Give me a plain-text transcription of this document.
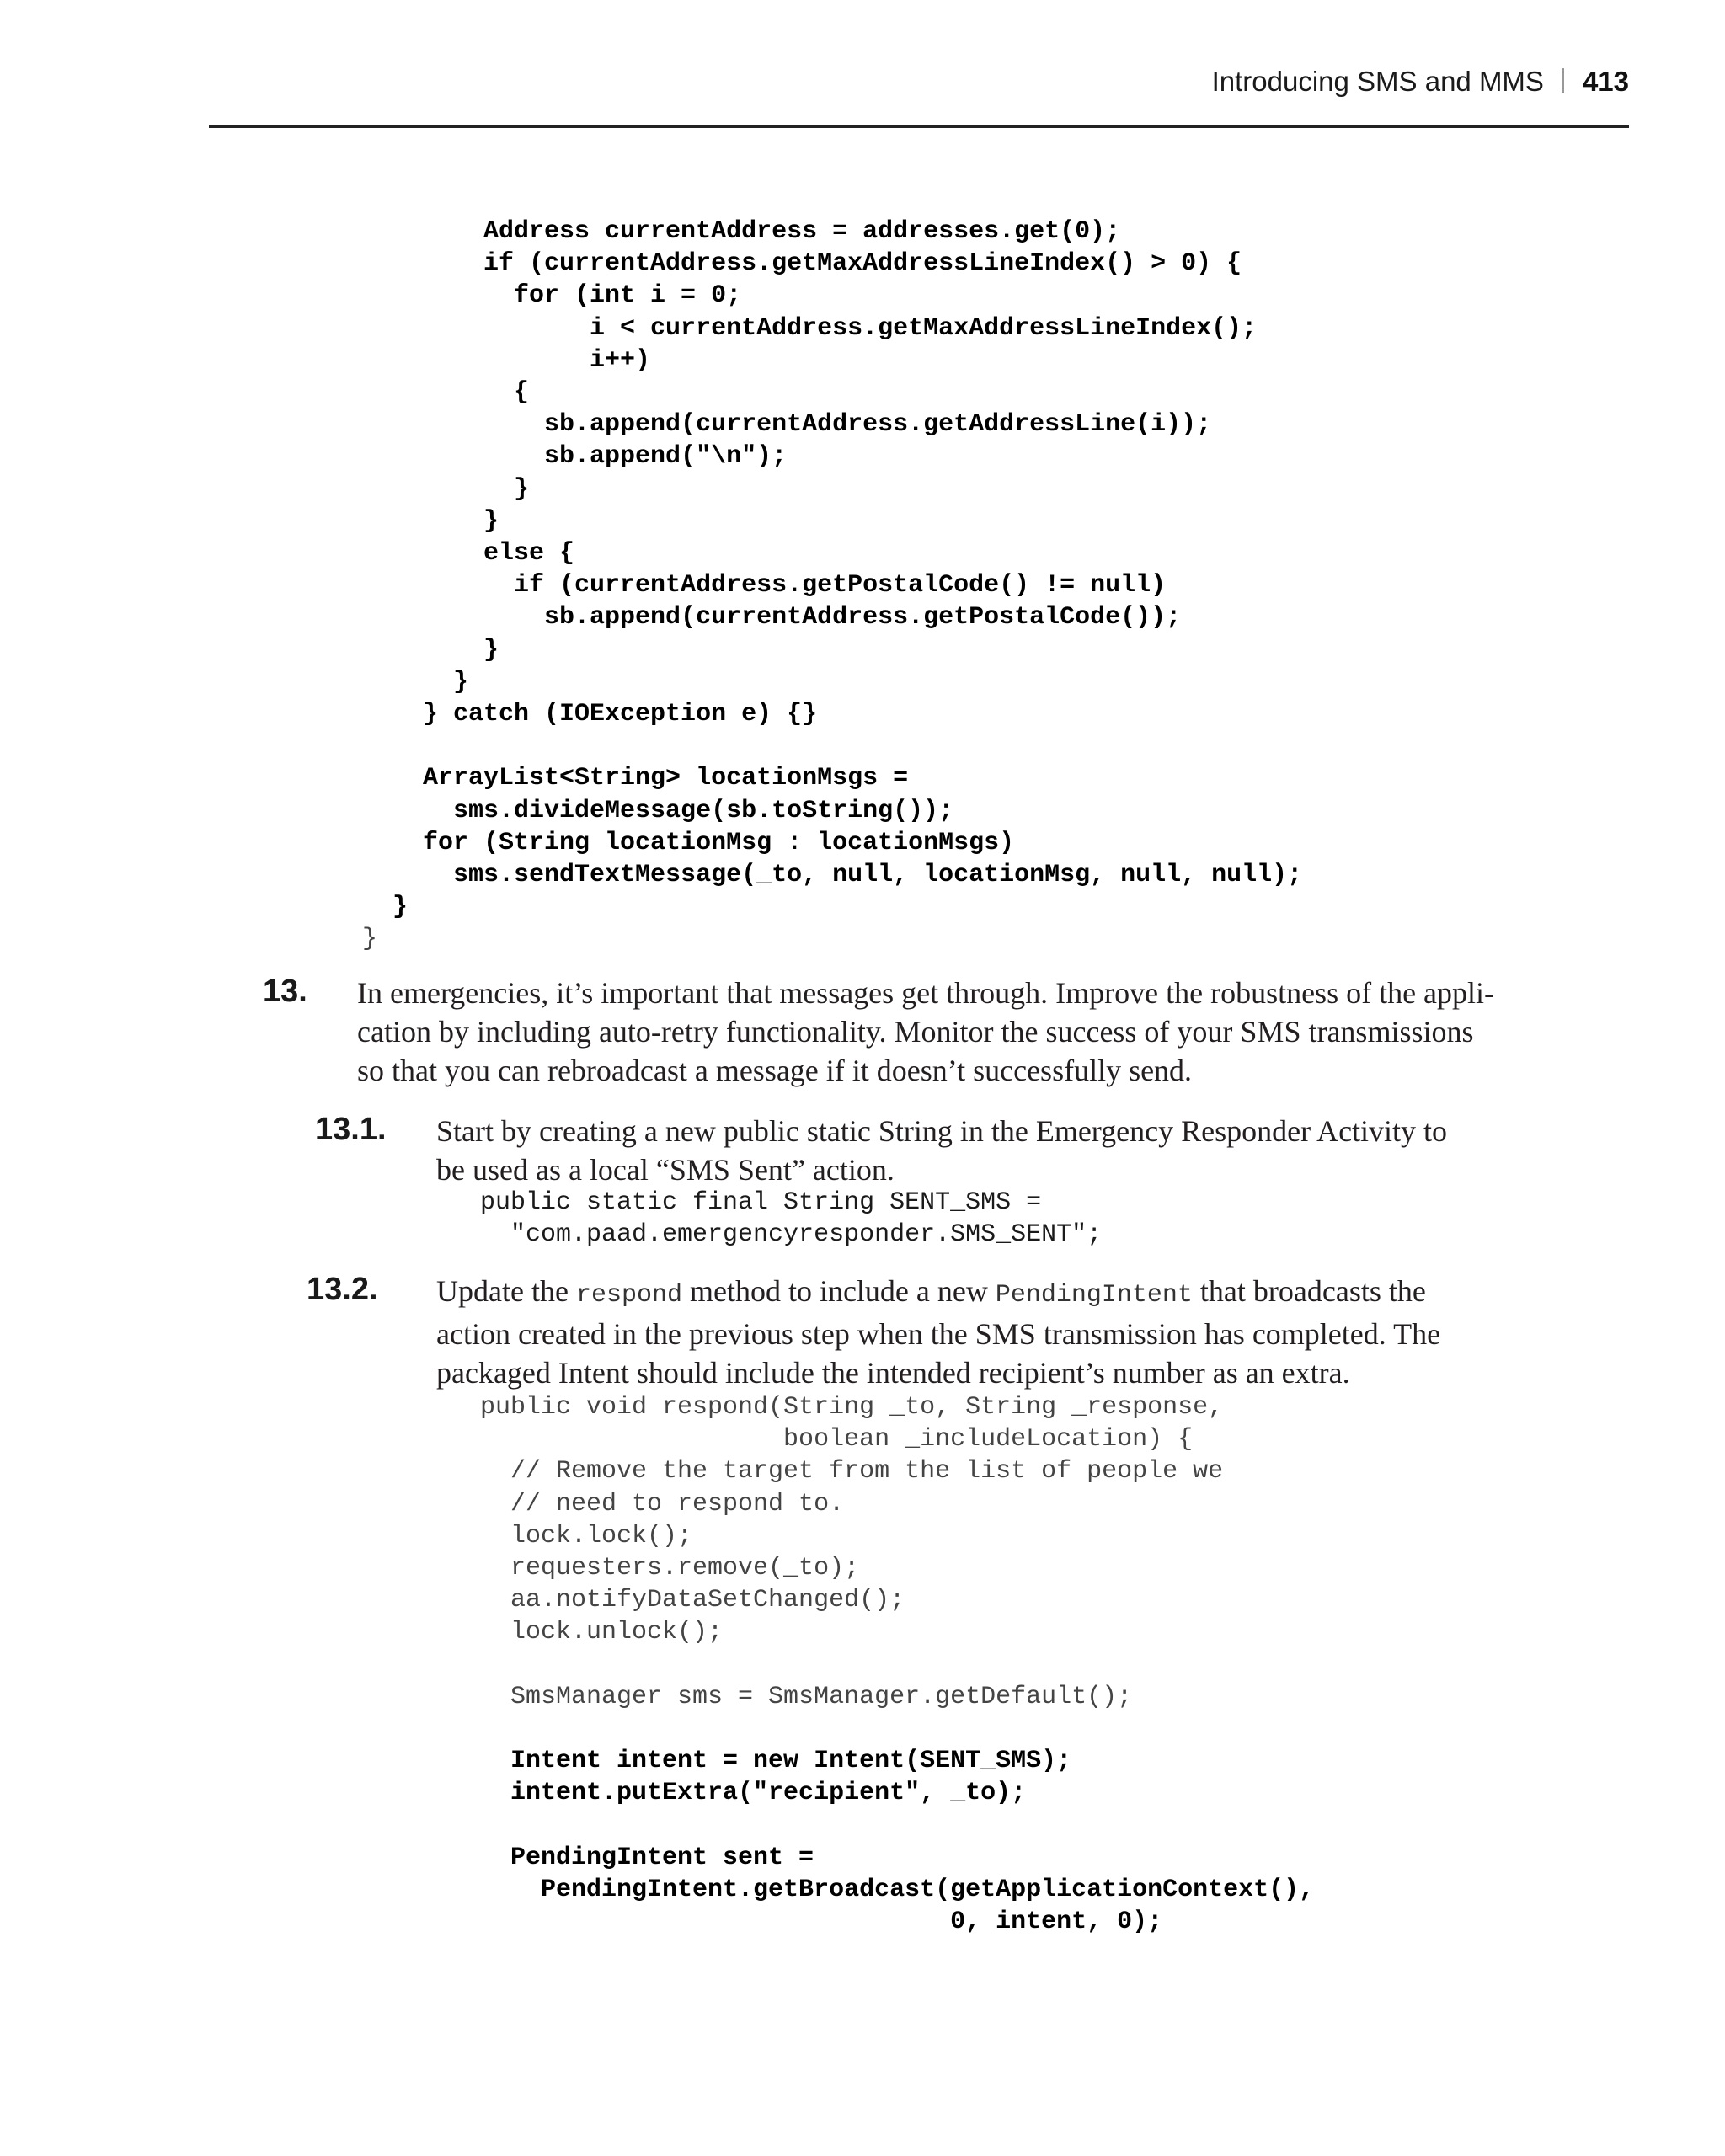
Introducing SMS and MMS 413
Address currentAddress = addresses.get(0);
if (currentAddress.getMaxAddressLineIndex() > 0) {
for (int i = 0;
i < currentAddress.getMaxAddressLineIndex();
i++)
{
sb.append(currentAddress.getAddressLine(i));
sb.append("\n");
}
}
else {
if (currentAddress.getPostalCode() != null)
sb.append(currentAddress.getPostalCode());
}
}
} catch (IOException e) {}

ArrayList<String> locationMsgs =
sms.divideMessage(sb.toString());
for (String locationMsg : locationMsgs)
sms.sendTextMessage(_to, null, locationMsg, null, null);
}
}
13. In emergencies, it’s important that messages get through. Improve the robustness of the appli-
cation by including auto-retry functionality. Monitor the success of your SMS transmissions
so that you can rebroadcast a message if it doesn’t successfully send.
13.1. Start by creating a new public static String in the Emergency Responder Activity to
be used as a local “SMS Sent” action.
public static final String SENT_SMS =
"com.paad.emergencyresponder.SMS_SENT";
13.2. Update the respond method to include a new PendingIntent that broadcasts the
action created in the previous step when the SMS transmission has completed. The
packaged Intent should include the intended recipient’s number as an extra.
public void respond(String _to, String _response,
boolean _includeLocation) {
// Remove the target from the list of people we
// need to respond to.
lock.lock();
requesters.remove(_to);
aa.notifyDataSetChanged();
lock.unlock();

SmsManager sms = SmsManager.getDefault();

Intent intent = new Intent(SENT_SMS);
intent.putExtra("recipient", _to);

PendingIntent sent =
PendingIntent.getBroadcast(getApplicationContext(),
0, intent, 0);
